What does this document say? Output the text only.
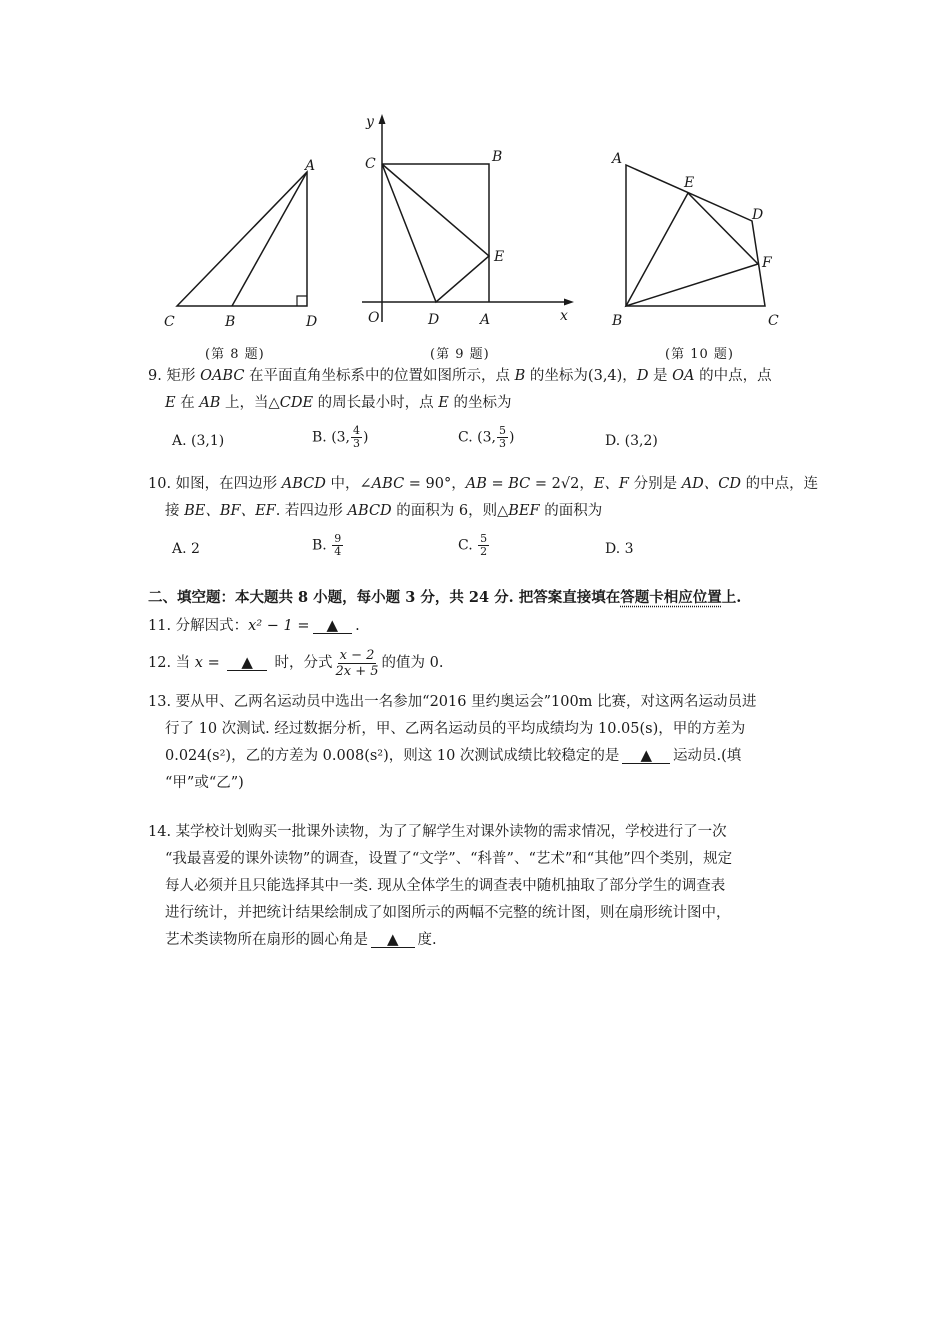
A
C	B	D
(第 8 题)
y
x
O
C	B
E
D	A
(第 9 题)
A
E
D
F
B	C
(第 10 题)
9. 矩形 OABC 在平面直角坐标系中的位置如图所示，点 B 的坐标为(3,4)，D 是 OA 的中点，点
E 在 AB 上，当△CDE 的周长最小时，点 E 的坐标为
A. (3,1)	B. (3, $\frac{4}{3}$ )	C. (3, $\frac{5}{3}$ )	D. (3,2)
10. 如图，在四边形 ABCD 中，∠ABC = 90°，AB = BC = 2√2，E、F 分别是 AD、CD 的中点，连
接 BE、BF、EF. 若四边形 ABCD 的面积为 6，则△BEF 的面积为
A. 2	B. $\frac{9}{4}$	C. $\frac{5}{2}$	D. 3
二、填空题：本大题共 8 小题，每小题 3 分，共 24 分. 把答案直接填在答题卡相应位置上.
11. 分解因式：x² − 1 = ▲ .
12. 当 x = ▲ 时，分式 $\frac{x - 2}{2x + 5}$ 的值为 0.
13. 要从甲、乙两名运动员中选出一名参加“2016 里约奥运会”100m 比赛，对这两名运动员进
行了 10 次测试. 经过数据分析，甲、乙两名运动员的平均成绩均为 10.05(s)，甲的方差为
0.024(s²)，乙的方差为 0.008(s²)，则这 10 次测试成绩比较稳定的是 ▲ 运动员.(填
“甲”或“乙”)
14. 某学校计划购买一批课外读物，为了了解学生对课外读物的需求情况，学校进行了一次
“我最喜爱的课外读物”的调查，设置了“文学”、“科普”、“艺术”和“其他”四个类别，规定
每人必须并且只能选择其中一类. 现从全体学生的调查表中随机抽取了部分学生的调查表
进行统计，并把统计结果绘制成了如图所示的两幅不完整的统计图，则在扇形统计图中，
艺术类读物所在扇形的圆心角是 ▲ 度.
